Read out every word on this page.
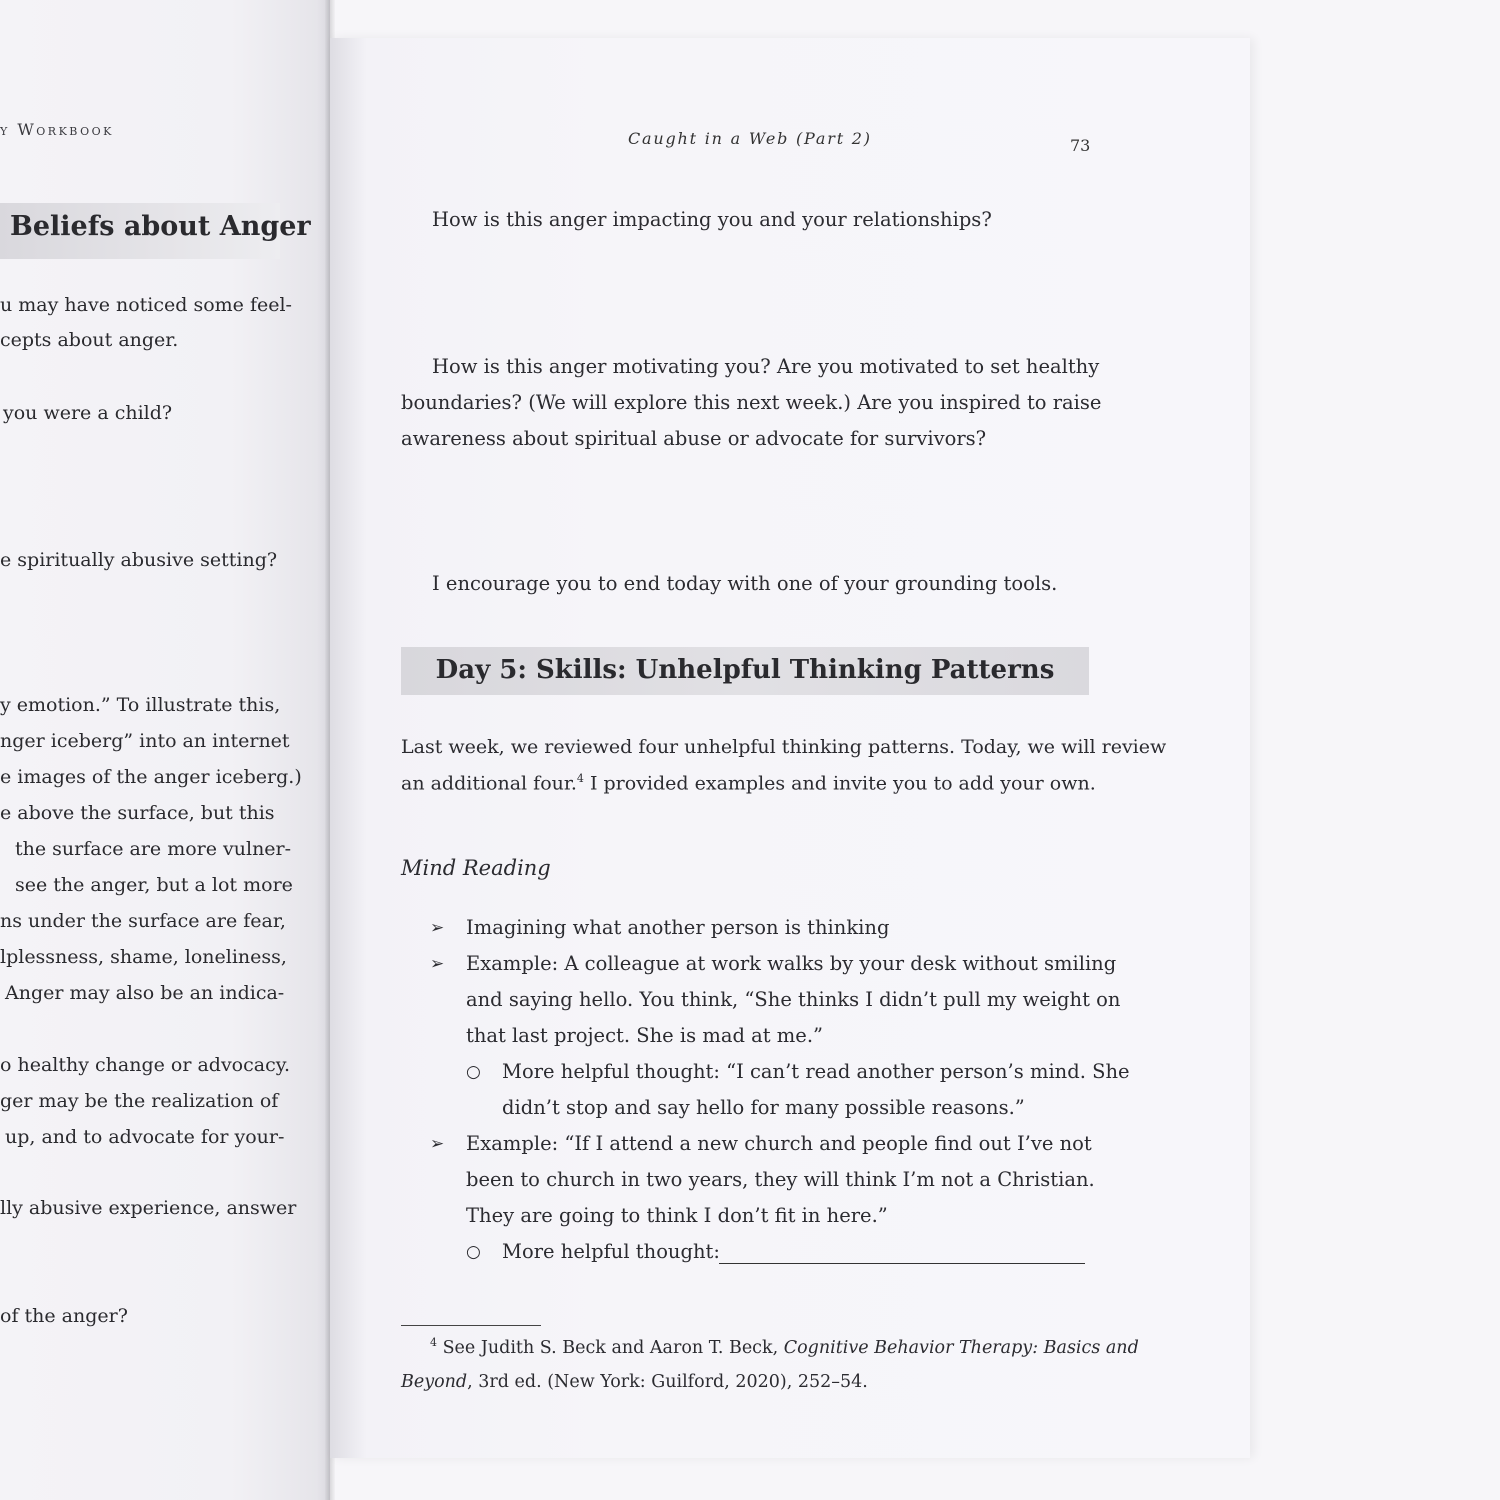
y Workbook

Beliefs about Anger

u may have noticed some feel-

cepts about anger.

you were a child?

e spiritually abusive setting?

y emotion.” To illustrate this,

nger iceberg” into an internet

e images of the anger iceberg.)

e above the surface, but this

the surface are more vulner-

see the anger, but a lot more

ns under the surface are fear,

lplessness, shame, loneliness,

Anger may also be an indica-

o healthy change or advocacy.

ger may be the realization of

up, and to advocate for your-

lly abusive experience, answer

of the anger?

Caught in a Web (Part 2)	73

How is this anger impacting you and your relationships?

How is this anger motivating you? Are you motivated to set healthy

boundaries? (We will explore this next week.) Are you inspired to raise

awareness about spiritual abuse or advocate for survivors?

I encourage you to end today with one of your grounding tools.

Day 5: Skills: Unhelpful Thinking Patterns

Last week, we reviewed four unhelpful thinking patterns. Today, we will review

an additional four.$^4$ I provided examples and invite you to add your own.

Mind Reading

➢ Imagining what another person is thinking

➢ Example: A colleague at work walks by your desk without smiling

and saying hello. You think, “She thinks I didn’t pull my weight on

that last project. She is mad at me.”

○ More helpful thought: “I can’t read another person’s mind. She

didn’t stop and say hello for many possible reasons.”

➢ Example: “If I attend a new church and people find out I’ve not

been to church in two years, they will think I’m not a Christian.

They are going to think I don’t fit in here.”

○ More helpful thought:

$^4$ See Judith S. Beck and Aaron T. Beck, Cognitive Behavior Therapy: Basics and

Beyond, 3rd ed. (New York: Guilford, 2020), 252–54.
